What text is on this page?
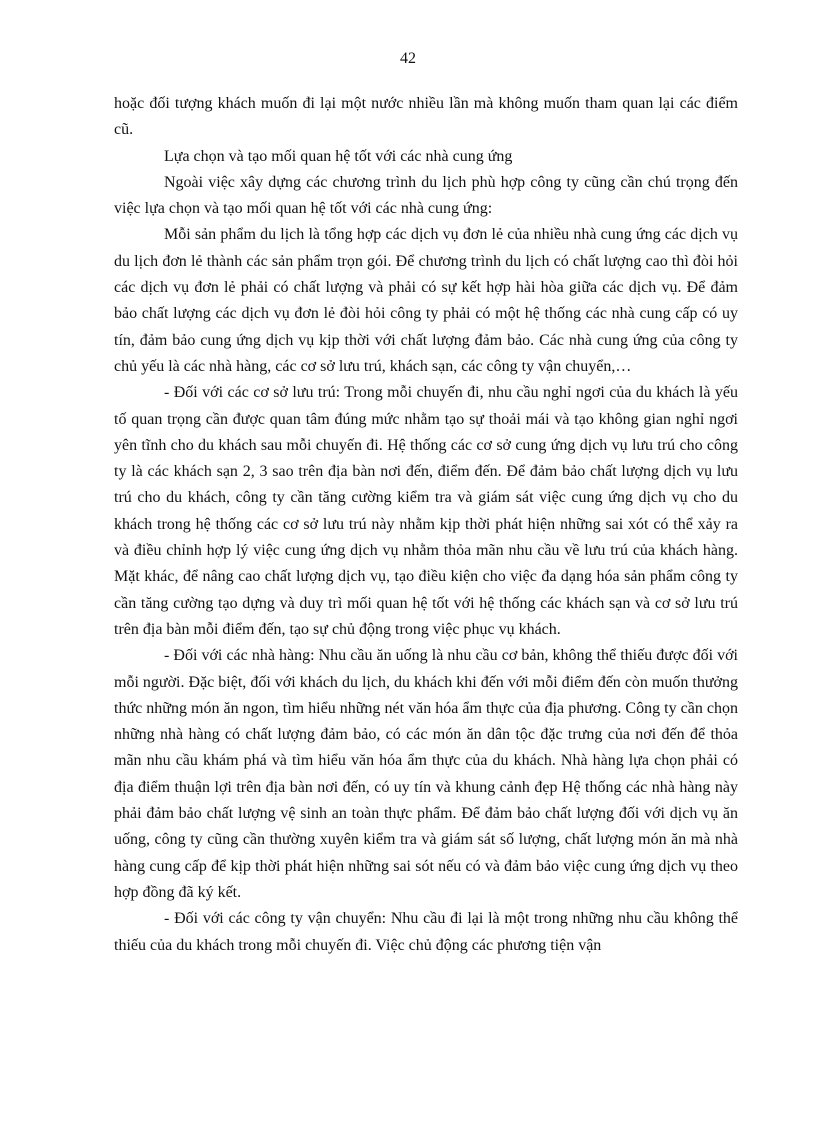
42

hoặc đối tượng khách muốn đi lại một nước nhiều lần mà không muốn tham quan lại các điểm cũ.

Lựa chọn và tạo mối quan hệ tốt với các nhà cung ứng

Ngoài việc xây dựng các chương trình du lịch phù hợp công ty cũng cần chú trọng đến việc lựa chọn và tạo mối quan hệ tốt với các nhà cung ứng:

Mỗi sản phẩm du lịch là tổng hợp các dịch vụ đơn lẻ của nhiều nhà cung ứng các dịch vụ du lịch đơn lẻ thành các sản phẩm trọn gói. Để chương trình du lịch có chất lượng cao thì đòi hỏi các dịch vụ đơn lẻ phải có chất lượng và phải có sự kết hợp hài hòa giữa các dịch vụ. Để đảm bảo chất lượng các dịch vụ đơn lẻ đòi hỏi công ty phải có một hệ thống các nhà cung cấp có uy tín, đảm bảo cung ứng dịch vụ kịp thời với chất lượng đảm bảo. Các nhà cung ứng của công ty chủ yếu là các nhà hàng, các cơ sở lưu trú, khách sạn, các công ty vận chuyển,…

- Đối với các cơ sở lưu trú: Trong mỗi chuyến đi, nhu cầu nghỉ ngơi của du khách là yếu tố quan trọng cần được quan tâm đúng mức nhằm tạo sự thoải mái và tạo không gian nghỉ ngơi yên tĩnh cho du khách sau mỗi chuyến đi. Hệ thống các cơ sở cung ứng dịch vụ lưu trú cho công ty là các khách sạn 2, 3 sao trên địa bàn nơi đến, điểm đến. Để đảm bảo chất lượng dịch vụ lưu trú cho du khách, công ty cần tăng cường kiểm tra và giám sát việc cung ứng dịch vụ cho du khách trong hệ thống các cơ sở lưu trú này nhằm kịp thời phát hiện những sai xót có thể xảy ra và điều chỉnh hợp lý việc cung ứng dịch vụ nhằm thỏa mãn nhu cầu về lưu trú của khách hàng. Mặt khác, để nâng cao chất lượng dịch vụ, tạo điều kiện cho việc đa dạng hóa sản phẩm công ty cần tăng cường tạo dựng và duy trì mối quan hệ tốt với hệ thống các khách sạn và cơ sở lưu trú trên địa bàn mỗi điểm đến, tạo sự chủ động trong việc phục vụ khách.

- Đối với các nhà hàng: Nhu cầu ăn uống là nhu cầu cơ bản, không thể thiếu được đối với mỗi người. Đặc biệt, đối với khách du lịch, du khách khi đến với mỗi điểm đến còn muốn thưởng thức những món ăn ngon, tìm hiểu những nét văn hóa ẩm thực của địa phương. Công ty cần chọn những nhà hàng có chất lượng đảm bảo, có các món ăn dân tộc đặc trưng của nơi đến để thỏa mãn nhu cầu khám phá và tìm hiểu văn hóa ẩm thực của du khách. Nhà hàng lựa chọn phải có địa điểm thuận lợi trên địa bàn nơi đến, có uy tín và khung cảnh đẹp Hệ thống các nhà hàng này phải đảm bảo chất lượng vệ sinh an toàn thực phẩm. Để đảm bảo chất lượng đối với dịch vụ ăn uống, công ty cũng cần thường xuyên kiểm tra và giám sát số lượng, chất lượng món ăn mà nhà hàng cung cấp để kịp thời phát hiện những sai sót nếu có và đảm bảo việc cung ứng dịch vụ theo hợp đồng đã ký kết.

- Đối với các công ty vận chuyển: Nhu cầu đi lại là một trong những nhu cầu không thể thiếu của du khách trong mỗi chuyến đi. Việc chủ động các phương tiện vận
